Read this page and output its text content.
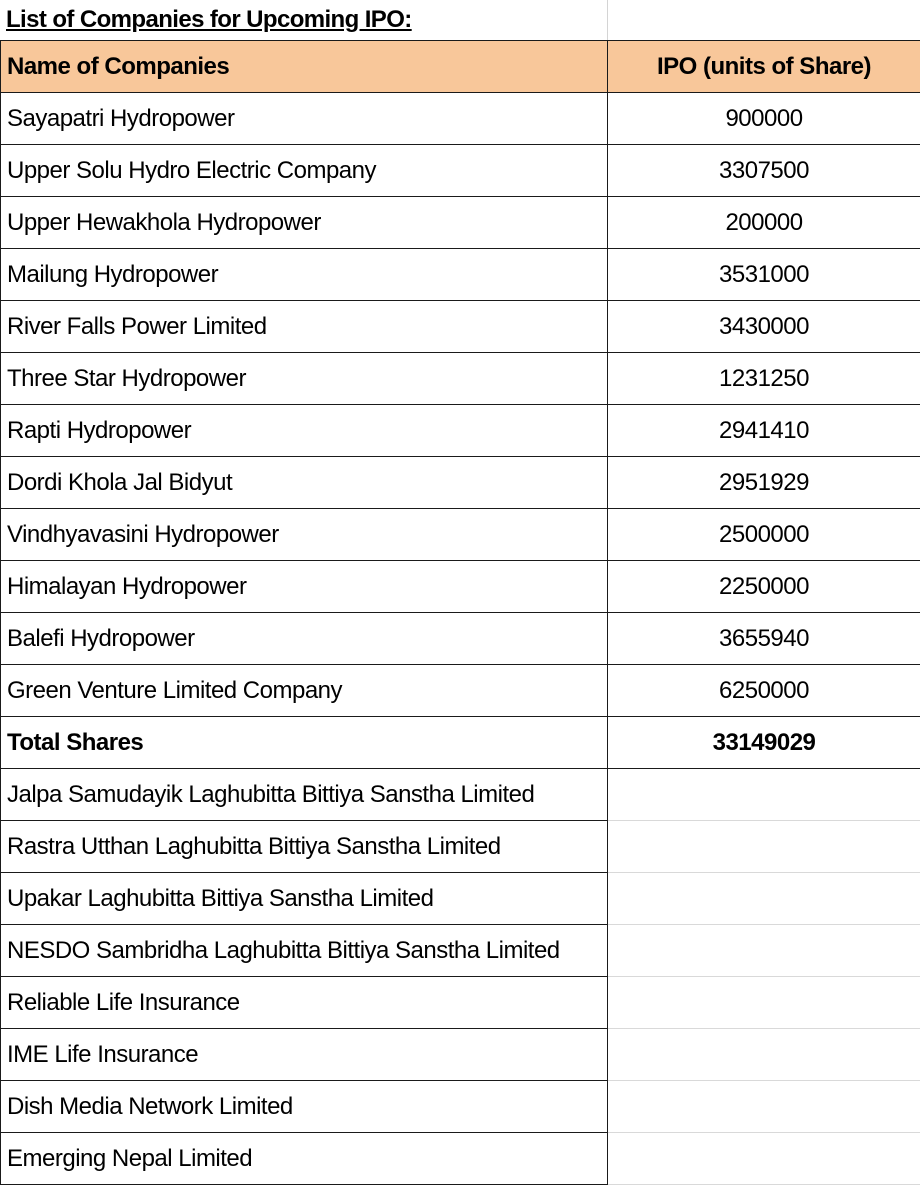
List of Companies for Upcoming IPO:
Name of Companies	IPO (units of Share)
Sayapatri Hydropower	900000
Upper Solu Hydro Electric Company	3307500
Upper Hewakhola Hydropower	200000
Mailung Hydropower	3531000
River Falls Power Limited	3430000
Three Star Hydropower	1231250
Rapti Hydropower	2941410
Dordi Khola Jal Bidyut	2951929
Vindhyavasini Hydropower	2500000
Himalayan Hydropower	2250000
Balefi Hydropower	3655940
Green Venture Limited Company	6250000
Total Shares	33149029
Jalpa Samudayik Laghubitta Bittiya Sanstha Limited	
Rastra Utthan Laghubitta Bittiya Sanstha Limited	
Upakar Laghubitta Bittiya Sanstha Limited	
NESDO Sambridha Laghubitta Bittiya Sanstha Limited	
Reliable Life Insurance	
IME Life Insurance	
Dish Media Network Limited	
Emerging Nepal Limited	
